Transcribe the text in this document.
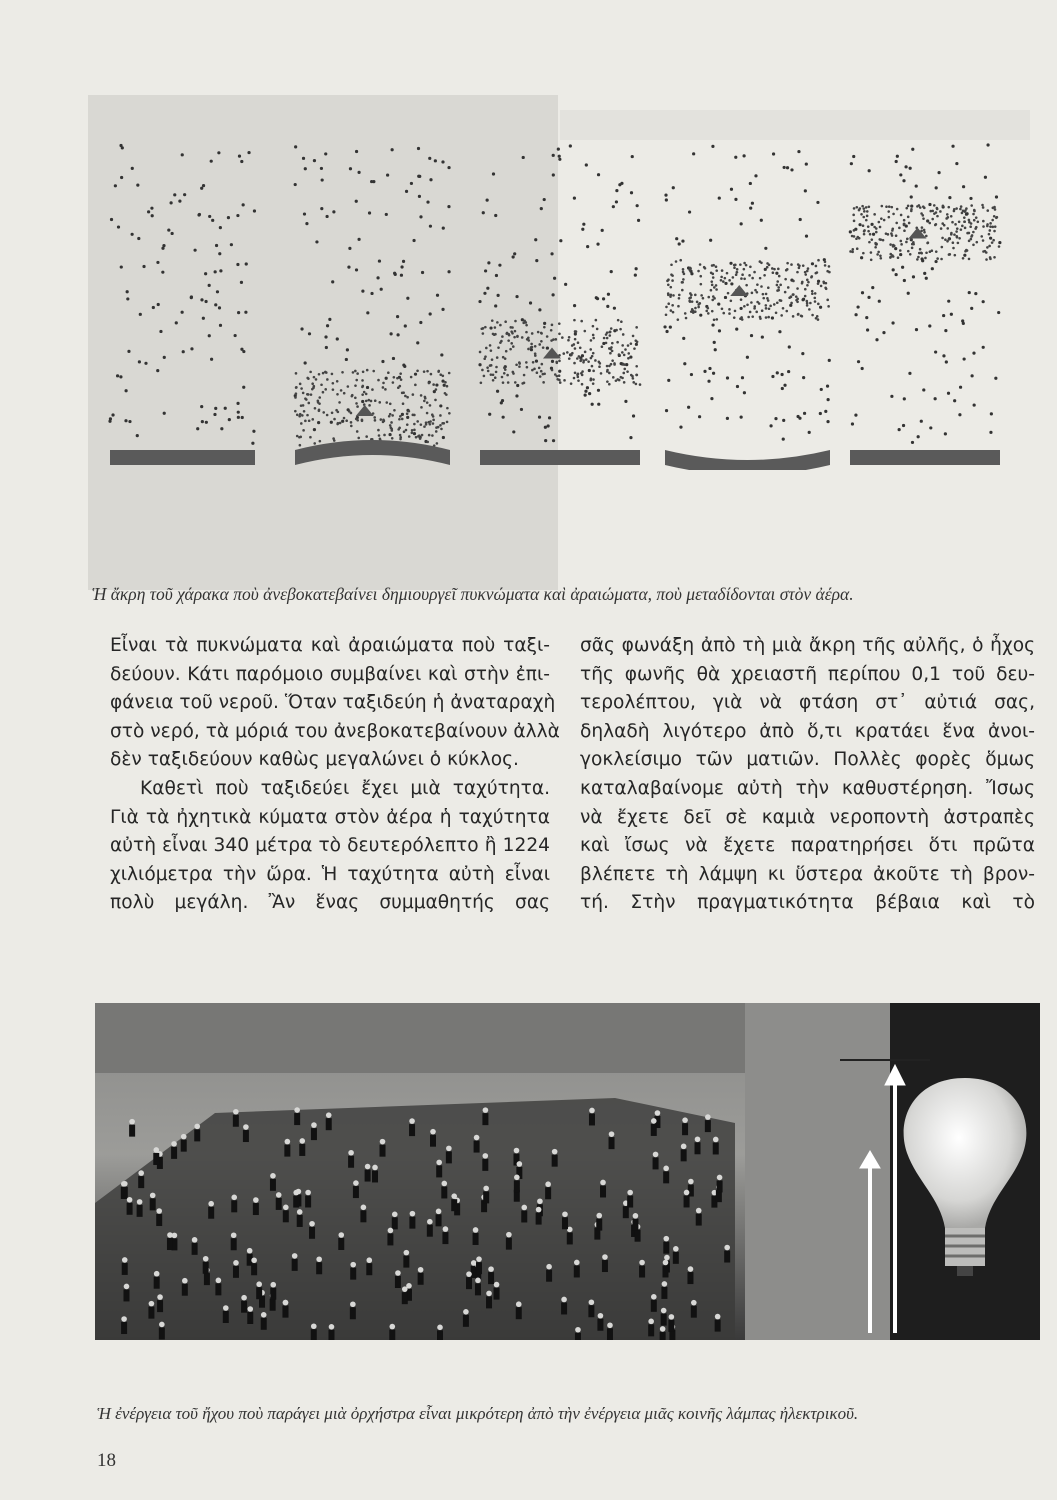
Ἡ ἄκρη τοῦ χάρακα ποὺ ἀνεβοκατεβαίνει δημιουργεῖ πυκνώματα καὶ ἀραιώματα, ποὺ μεταδίδονται στὸν ἀέρα.
Εἶναι τὰ πυκνώματα καὶ ἀραιώματα ποὺ ταξι-
δεύουν. Κάτι παρόμοιο συμβαίνει καὶ στὴν ἐπι-
φάνεια τοῦ νεροῦ. Ὅταν ταξιδεύη ἡ ἀναταραχὴ
στὸ νερό, τὰ μόριά του ἀνεβοκατεβαίνουν ἀλλὰ
δὲν ταξιδεύουν καθὼς μεγαλώνει ὁ κύκλος.
Καθετὶ ποὺ ταξιδεύει ἔχει μιὰ ταχύτητα.
Γιὰ τὰ ἠχητικὰ κύματα στὸν ἀέρα ἡ ταχύτητα
αὐτὴ εἶναι 340 μέτρα τὸ δευτερόλεπτο ἢ 1224
χιλιόμετρα τὴν ὥρα. Ἡ ταχύτητα αὐτὴ εἶναι
πολὺ μεγάλη. Ἂν ἕνας συμμαθητής σας
σᾶς φωνάξη ἀπὸ τὴ μιὰ ἄκρη τῆς αὐλῆς, ὁ ἦχος
τῆς φωνῆς θὰ χρειαστῆ περίπου 0,1 τοῦ δευ-
τερολέπτου, γιὰ νὰ φτάση στ᾽ αὐτιά σας,
δηλαδὴ λιγότερο ἀπὸ ὅ,τι κρατάει ἕνα ἀνοι-
γοκλείσιμο τῶν ματιῶν. Πολλὲς φορὲς ὅμως
καταλαβαίνομε αὐτὴ τὴν καθυστέρηση. Ἴσως
νὰ ἔχετε δεῖ σὲ καμιὰ νεροποντὴ ἀστραπὲς
καὶ ἴσως νὰ ἔχετε παρατηρήσει ὅτι πρῶτα
βλέπετε τὴ λάμψη κι ὕστερα ἀκοῦτε τὴ βρον-
τή. Στὴν πραγματικότητα βέβαια καὶ τὸ
Ἡ ἐνέργεια τοῦ ἤχου ποὺ παράγει μιὰ ὀρχήστρα εἶναι μικρότερη ἀπὸ τὴν ἐνέργεια μιᾶς κοινῆς λάμπας ἠλεκτρικοῦ.
18
